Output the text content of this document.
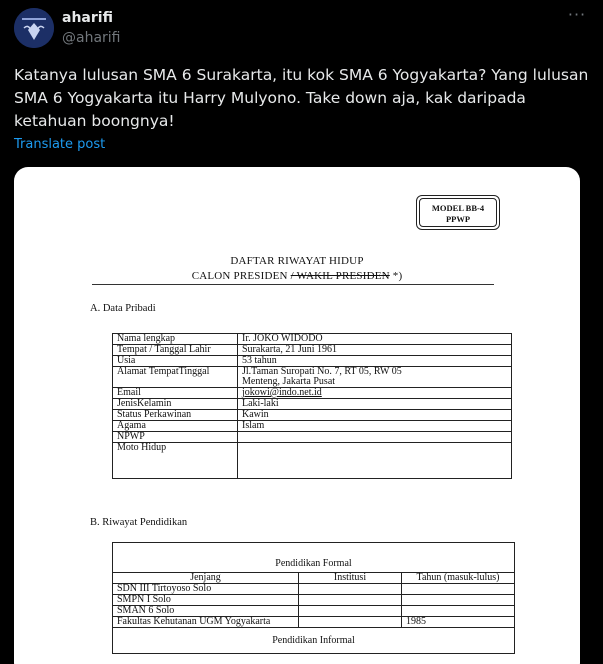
aharifi
@aharifi
···
Katanya lulusan SMA 6 Surakarta, itu kok SMA 6 Yogyakarta? Yang lulusan SMA 6 Yogyakarta itu Harry Mulyono. Take down aja, kak daripada ketahuan boongnya!
Translate post
MODEL BB-4
PPWP
DAFTAR RIWAYAT HIDUP
CALON PRESIDEN / WAKIL PRESIDEN *)
A. Data Pribadi
Nama lengkap	Ir. JOKO WIDODO
Tempat / Tanggal Lahir	Surakarta, 21 Juni 1961
Usia	53 tahun
Alamat TempatTinggal	Jl.Taman Suropati No. 7, RT 05, RW 05
Menteng, Jakarta Pusat

Email	jokowi@indo.net.id
JenisKelamin	Laki-laki
Status Perkawinan	Kawin
Agama	Islam
NPWP	
Moto Hidup	
B. Riwayat Pendidikan
Pendidikan Formal		
Jenjang	Institusi	Tahun (masuk-lulus)
SDN III Tirtoyoso Solo		
SMPN I Solo		
SMAN 6 Solo		
Fakultas Kehutanan UGM Yogyakarta		1985
Pendidikan Informal		
